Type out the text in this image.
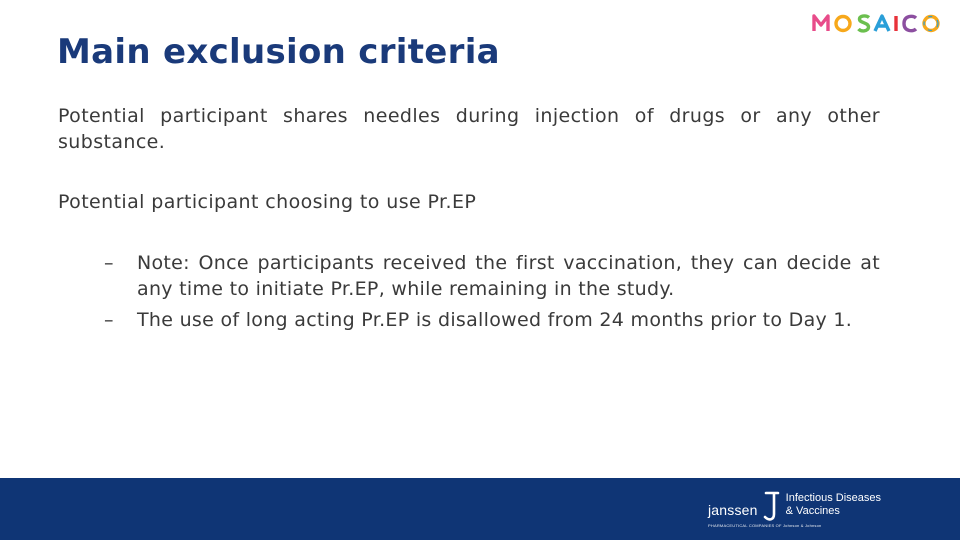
Main exclusion criteria

Potential participant shares needles during injection of drugs or any other substance.

Potential participant choosing to use Pr.EP

– Note: Once participants received the first vaccination, they can decide at any time to initiate Pr.EP, while remaining in the study.
– The use of long acting Pr.EP is disallowed from 24 months prior to Day 1.
janssen
Infectious Diseases
& Vaccines
PHARMACEUTICAL COMPANIES OF Johnson & Johnson
